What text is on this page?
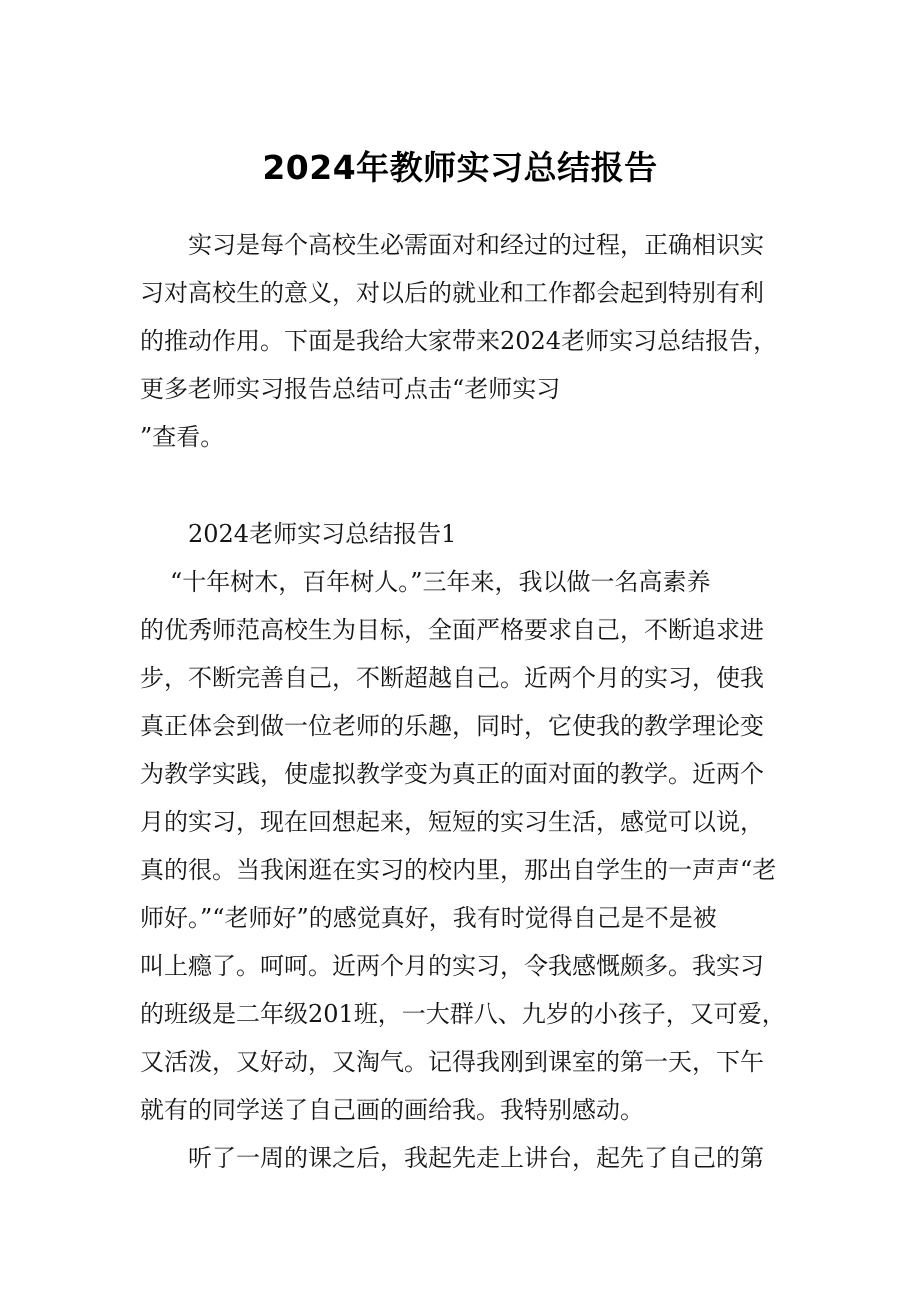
2024年教师实习总结报告
实习是每个高校生必需面对和经过的过程，正确相识实
习对高校生的意义，对以后的就业和工作都会起到特别有利
的推动作用。下面是我给大家带来2024老师实习总结报告，
更多老师实习报告总结可点击“老师实习
”查看。
2024老师实习总结报告1
“十年树木，百年树人。”三年来，我以做一名高素养
的优秀师范高校生为目标，全面严格要求自己，不断追求进
步，不断完善自己，不断超越自己。近两个月的实习，使我
真正体会到做一位老师的乐趣，同时，它使我的教学理论变
为教学实践，使虚拟教学变为真正的面对面的教学。近两个
月的实习，现在回想起来，短短的实习生活，感觉可以说，
真的很。当我闲逛在实习的校内里，那出自学生的一声声“老
师好。”“老师好”的感觉真好，我有时觉得自己是不是被
叫上瘾了。呵呵。近两个月的实习，令我感慨颇多。我实习
的班级是二年级201班，一大群八、九岁的小孩子，又可爱，
又活泼，又好动，又淘气。记得我刚到课室的第一天，下午
就有的同学送了自己画的画给我。我特别感动。
听了一周的课之后，我起先走上讲台，起先了自己的第
